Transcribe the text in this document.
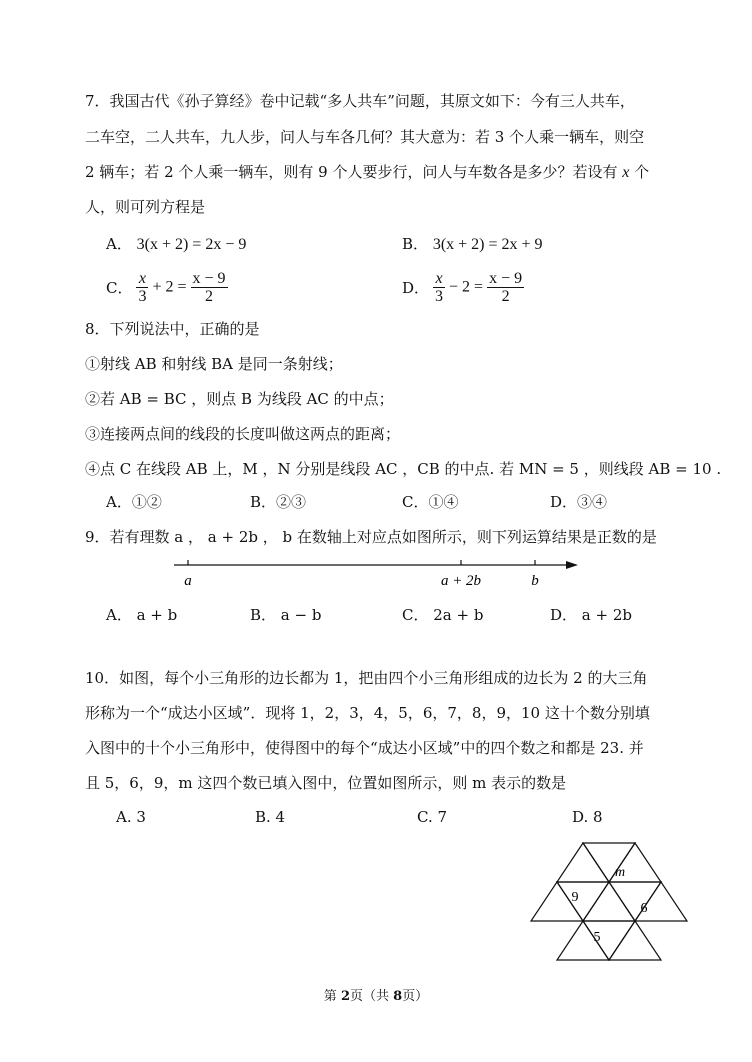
7．我国古代《孙子算经》卷中记载“多人共车”问题，其原文如下：今有三人共车，
二车空，二人共车，九人步，问人与车各几何？其大意为：若 3 个人乘一辆车，则空
2 辆车；若 2 个人乘一辆车，则有 9 个人要步行，问人与车数各是多少？若设有 x 个
人，则可列方程是
A． 3(x + 2) = 2x − 9	B． 3(x + 2) = 2x + 9
C． $\frac{x}{3} + 2 = \frac{x - 9}{2}$	D． $\frac{x}{3} - 2 = \frac{x - 9}{2}$
8．下列说法中，正确的是
①射线 AB 和射线 BA 是同一条射线；
②若 AB = BC ，则点 B 为线段 AC 的中点；
③连接两点间的线段的长度叫做这两点的距离；
④点 C 在线段 AB 上，M ，N 分别是线段 AC ，CB 的中点. 若 MN = 5 ，则线段 AB = 10 .
A．①②	B．②③	C．①④	D．③④
9．若有理数 a ， a + 2b ， b 在数轴上对应点如图所示，则下列运算结果是正数的是
a	a + 2b	b
A． a + b	B． a − b	C． 2a + b	D． a + 2b
10．如图，每个小三角形的边长都为 1，把由四个小三角形组成的边长为 2 的大三角
形称为一个“成达小区域”．现将 1，2，3，4，5，6，7，8，9，10 这十个数分别填
入图中的十个小三角形中，使得图中的每个“成达小区域”中的四个数之和都是 23. 并
且 5，6，9，m 这四个数已填入图中，位置如图所示，则 m 表示的数是
A. 3	B. 4	C. 7	D. 8
m
9
6
5
第 2页（共 8页）
